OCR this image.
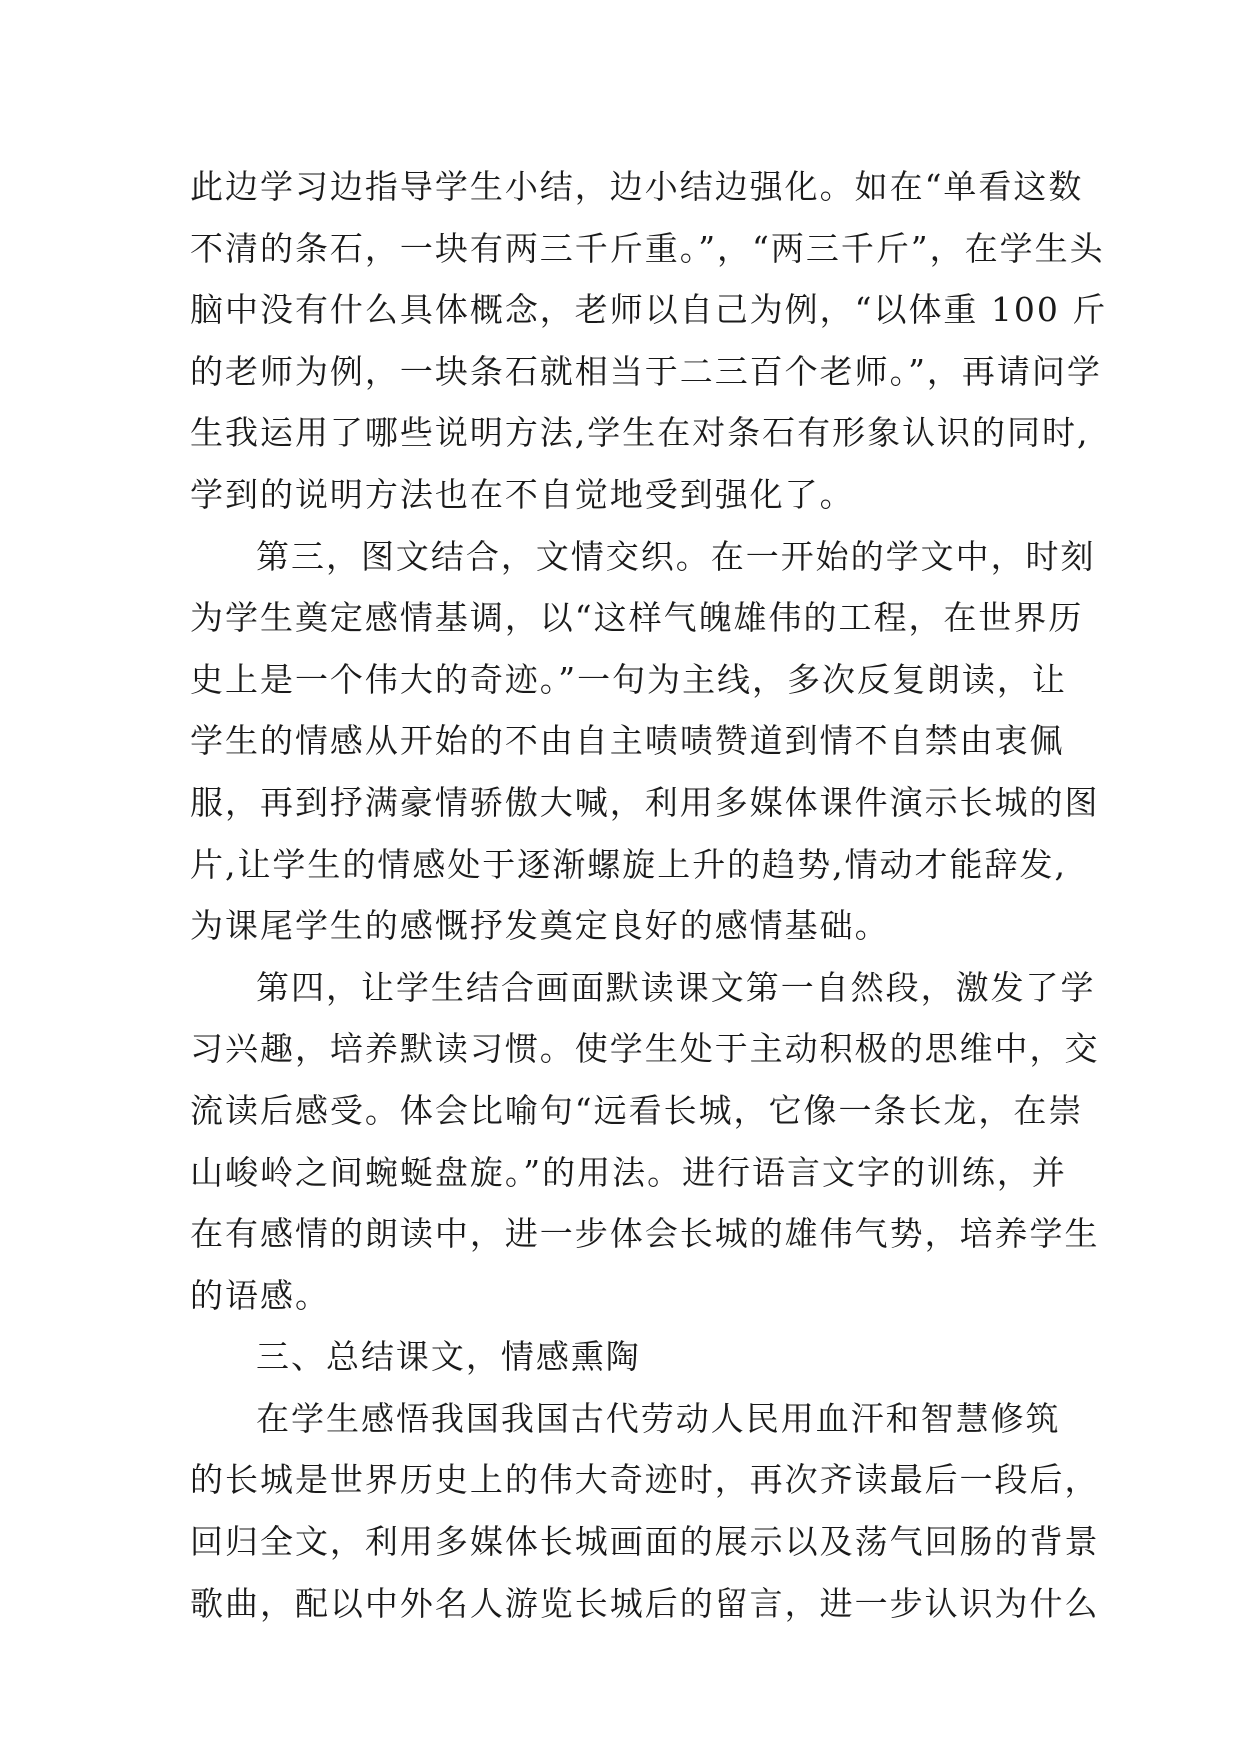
此边学习边指导学生小结，边小结边强化。如在“单看这数
不清的条石，一块有两三千斤重。”，“两三千斤”，在学生头
脑中没有什么具体概念，老师以自己为例，“以体重 100 斤
的老师为例，一块条石就相当于二三百个老师。”，再请问学
生我运用了哪些说明方法,学生在对条石有形象认识的同时,
学到的说明方法也在不自觉地受到强化了。
第三，图文结合，文情交织。在一开始的学文中，时刻
为学生奠定感情基调，以“这样气魄雄伟的工程，在世界历
史上是一个伟大的奇迹。”一句为主线，多次反复朗读，让
学生的情感从开始的不由自主啧啧赞道到情不自禁由衷佩
服，再到抒满豪情骄傲大喊，利用多媒体课件演示长城的图
片,让学生的情感处于逐渐螺旋上升的趋势,情动才能辞发,
为课尾学生的感慨抒发奠定良好的感情基础。
第四，让学生结合画面默读课文第一自然段，激发了学
习兴趣，培养默读习惯。使学生处于主动积极的思维中，交
流读后感受。体会比喻句“远看长城，它像一条长龙，在崇
山峻岭之间蜿蜒盘旋。”的用法。进行语言文字的训练，并
在有感情的朗读中，进一步体会长城的雄伟气势，培养学生
的语感。
三、总结课文，情感熏陶
在学生感悟我国我国古代劳动人民用血汗和智慧修筑
的长城是世界历史上的伟大奇迹时，再次齐读最后一段后，
回归全文，利用多媒体长城画面的展示以及荡气回肠的背景
歌曲，配以中外名人游览长城后的留言，进一步认识为什么
